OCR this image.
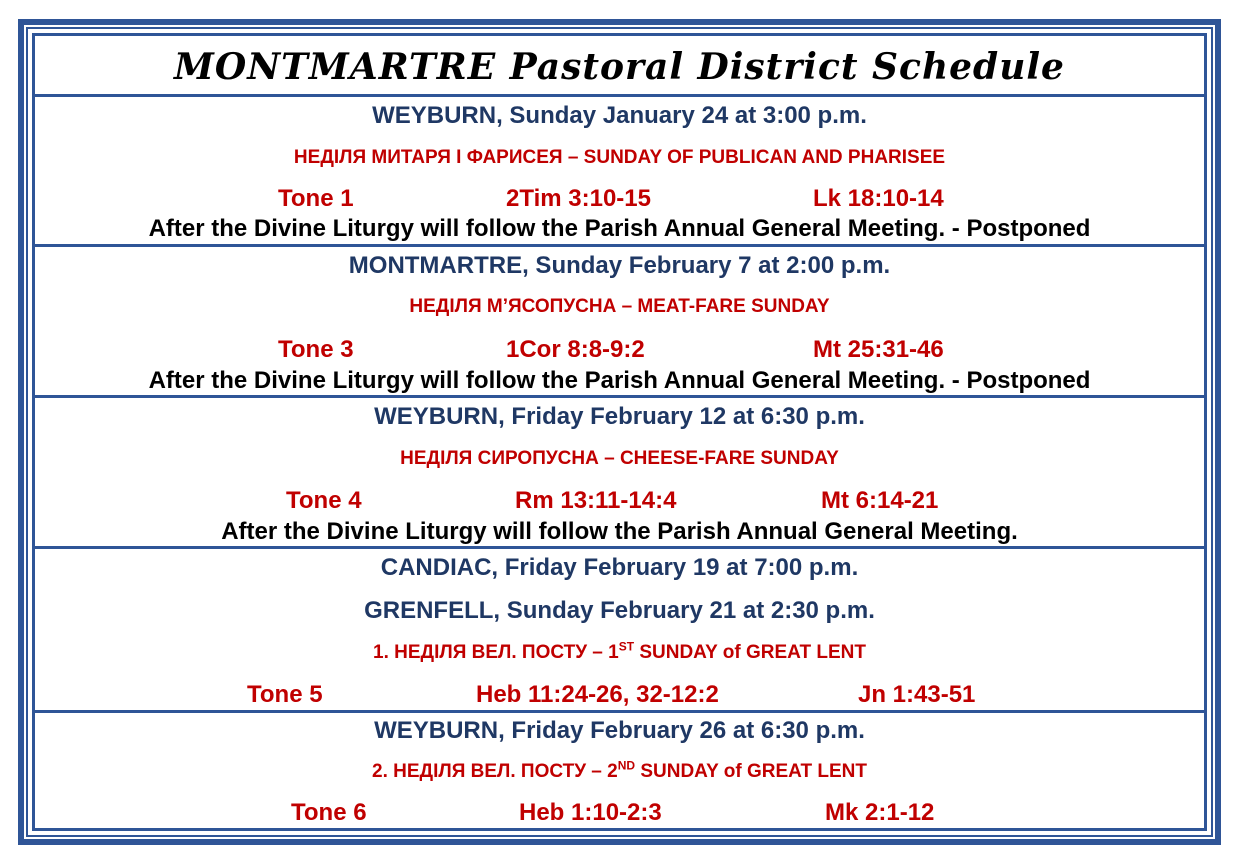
MONTMARTRE Pastoral District Schedule
WEYBURN, Sunday January 24 at 3:00 p.m.
НЕДІЛЯ МИТАРЯ І ФАРИСЕЯ – SUNDAY OF PUBLICAN AND PHARISEE
Tone 1	2Tim 3:10-15	Lk 18:10-14
After the Divine Liturgy will follow the Parish Annual General Meeting. - Postponed
MONTMARTRE, Sunday February 7 at 2:00 p.m.
НЕДІЛЯ М’ЯСОПУСНА – MEAT-FARE SUNDAY
Tone 3	1Cor 8:8-9:2	Mt 25:31-46
After the Divine Liturgy will follow the Parish Annual General Meeting. - Postponed
WEYBURN, Friday February 12 at 6:30 p.m.
НЕДІЛЯ СИРОПУСНА – CHEESE-FARE SUNDAY
Tone 4	Rm 13:11-14:4	Mt 6:14-21
After the Divine Liturgy will follow the Parish Annual General Meeting.
CANDIAC, Friday February 19 at 7:00 p.m.
GRENFELL, Sunday February 21 at 2:30 p.m.
1. НЕДІЛЯ ВЕЛ. ПОСТУ – 1ST SUNDAY of GREAT LENT
Tone 5	Heb 11:24-26, 32-12:2	Jn 1:43-51
WEYBURN, Friday February 26 at 6:30 p.m.
2. НЕДІЛЯ ВЕЛ. ПОСТУ – 2ND SUNDAY of GREAT LENT
Tone 6	Heb 1:10-2:3	Mk 2:1-12
